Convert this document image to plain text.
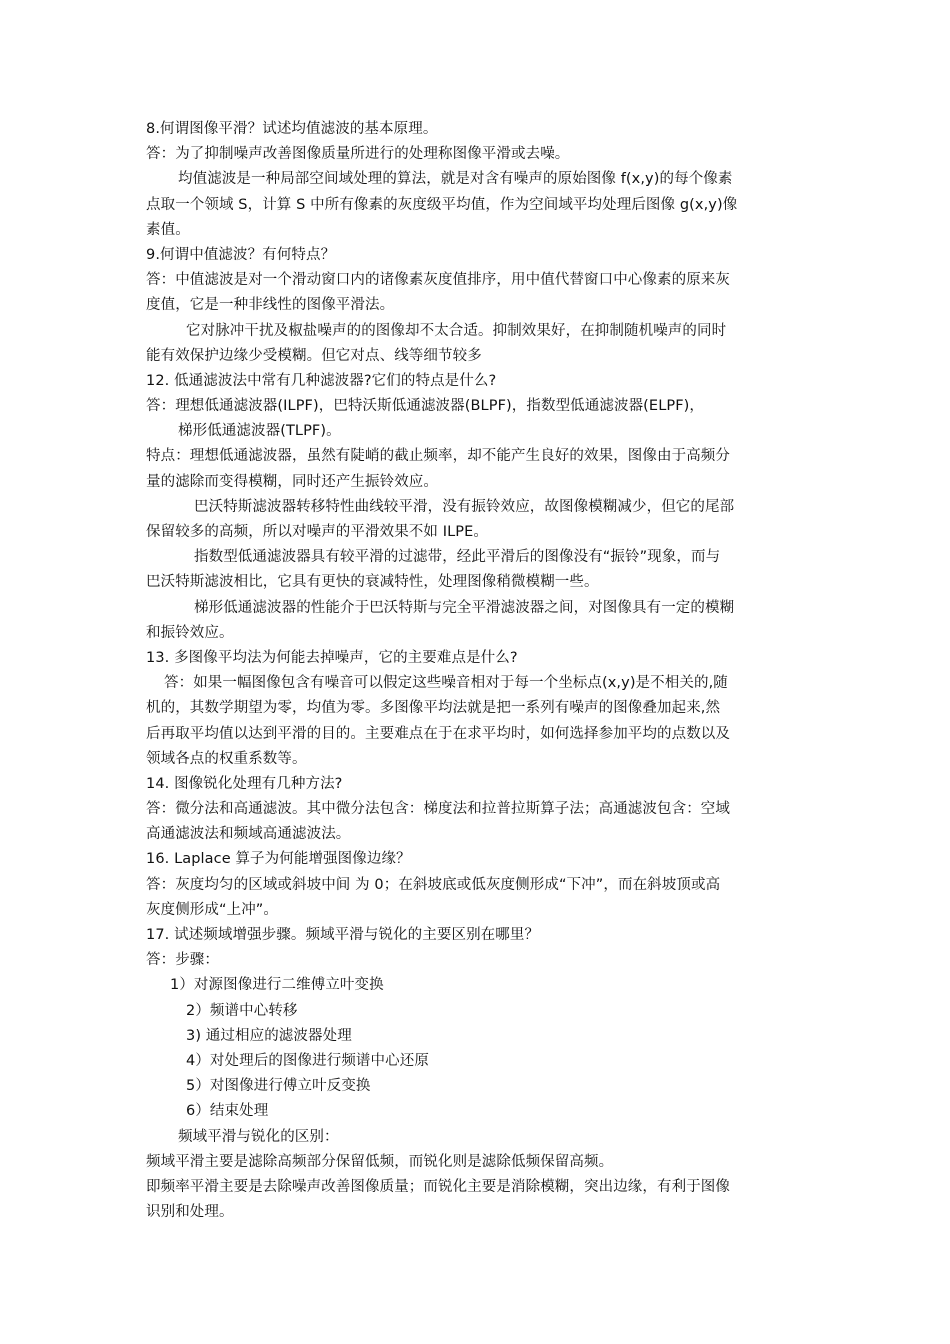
8.何谓图像平滑？试述均值滤波的基本原理。
答：为了抑制噪声改善图像质量所进行的处理称图像平滑或去噪。
均值滤波是一种局部空间域处理的算法，就是对含有噪声的原始图像 f(x,y)的每个像素
点取一个领域 S，计算 S 中所有像素的灰度级平均值，作为空间域平均处理后图像 g(x,y)像
素值。
9.何谓中值滤波？有何特点？
答：中值滤波是对一个滑动窗口内的诸像素灰度值排序，用中值代替窗口中心像素的原来灰
度值，它是一种非线性的图像平滑法。
它对脉冲干扰及椒盐噪声的的图像却不太合适。抑制效果好，在抑制随机噪声的同时
能有效保护边缘少受模糊。但它对点、线等细节较多
12. 低通滤波法中常有几种滤波器?它们的特点是什么?
答：理想低通滤波器(ILPF)，巴特沃斯低通滤波器(BLPF)，指数型低通滤波器(ELPF)，
梯形低通滤波器(TLPF)。
特点：理想低通滤波器，虽然有陡峭的截止频率，却不能产生良好的效果，图像由于高频分
量的滤除而变得模糊，同时还产生振铃效应。
巴沃特斯滤波器转移特性曲线较平滑，没有振铃效应，故图像模糊减少，但它的尾部
保留较多的高频，所以对噪声的平滑效果不如 ILPE。
指数型低通滤波器具有较平滑的过滤带，经此平滑后的图像没有“振铃”现象，而与
巴沃特斯滤波相比，它具有更快的衰减特性，处理图像稍微模糊一些。
梯形低通滤波器的性能介于巴沃特斯与完全平滑滤波器之间，对图像具有一定的模糊
和振铃效应。
13. 多图像平均法为何能去掉噪声，它的主要难点是什么?
答：如果一幅图像包含有噪音可以假定这些噪音相对于每一个坐标点(x,y)是不相关的,随
机的，其数学期望为零，均值为零。多图像平均法就是把一系列有噪声的图像叠加起来,然
后再取平均值以达到平滑的目的。主要难点在于在求平均时，如何选择参加平均的点数以及
领域各点的权重系数等。
14. 图像锐化处理有几种方法?
答：微分法和高通滤波。其中微分法包含：梯度法和拉普拉斯算子法；高通滤波包含：空域
高通滤波法和频域高通滤波法。
16. Laplace 算子为何能增强图像边缘？
答：灰度均匀的区域或斜坡中间 为 0；在斜坡底或低灰度侧形成“下冲”，而在斜坡顶或高
灰度侧形成“上冲”。
17. 试述频域增强步骤。频域平滑与锐化的主要区别在哪里？
答：步骤：
1）对源图像进行二维傅立叶变换
2）频谱中心转移
3) 通过相应的滤波器处理
4）对处理后的图像进行频谱中心还原
5）对图像进行傅立叶反变换
6）结束处理
频域平滑与锐化的区别：
频域平滑主要是滤除高频部分保留低频，而锐化则是滤除低频保留高频。
即频率平滑主要是去除噪声改善图像质量；而锐化主要是消除模糊，突出边缘，有利于图像
识别和处理。
